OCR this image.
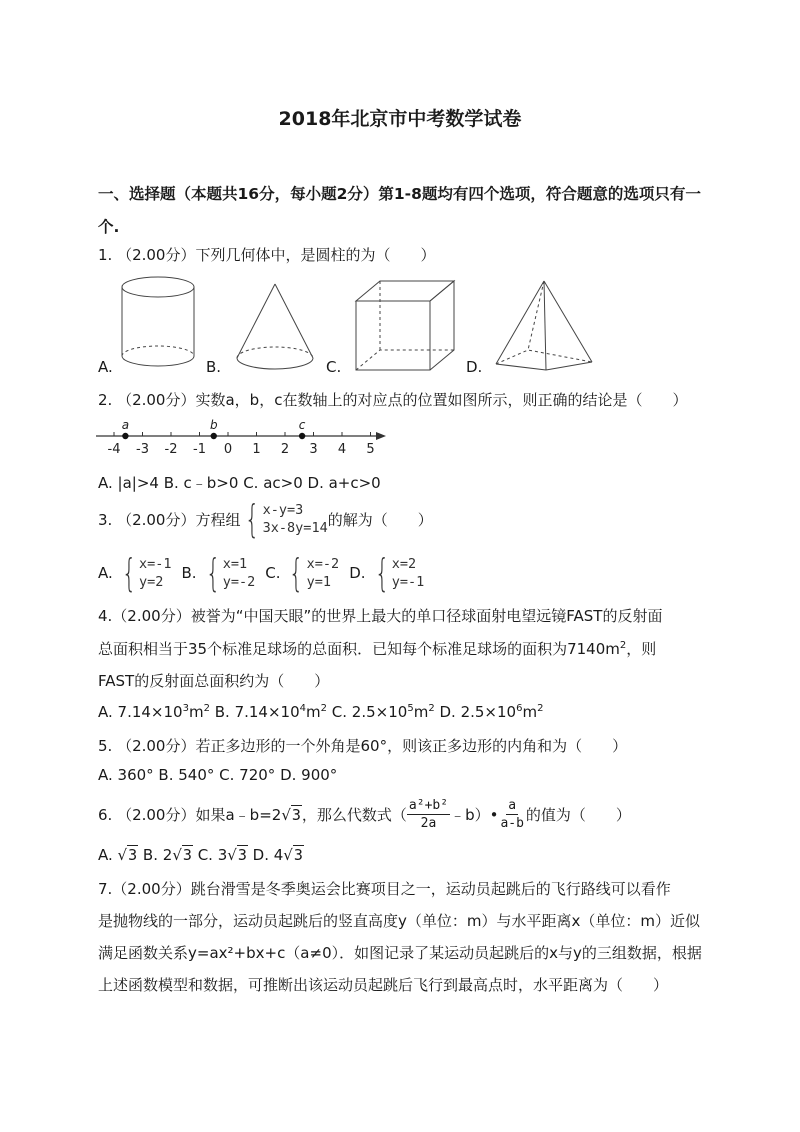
2018年北京市中考数学试卷
一、选择题（本题共16分，每小题2分）第1-8题均有四个选项，符合题意的选项只有一
个.
1. （2.00分）下列几何体中，是圆柱的为（　　）
A.	B.	C.	D.
2. （2.00分）实数a，b，c在数轴上的对应点的位置如图所示，则正确的结论是（　　）
-4 -3 -2 -1 0 1 2 3 4 5
a	b	c
A. |a|>4 B. c﹣b>0 C. ac>0 D. a+c>0
3. （2.00分）方程组 { x-y=3
3x-8y=14 的解为（　　）
A. { x=-1
y=2	B. { x=1
y=-2 C. { x=-2
y=1	D. { x=2
y=-1
4.（2.00分）被誉为“中国天眼”的世界上最大的单口径球面射电望远镜FAST的反射面
总面积相当于35个标准足球场的总面积．已知每个标准足球场的面积为$7140m^2$，则
FAST的反射面总面积约为（　　）
A. $7.14\times 10^3m^2$ B. $7.14\times 10^4m^2$ C. $2.5\times 10^5m^2$ D. $2.5\times 10^6m^2$
5. （2.00分）若正多边形的一个外角是60°，则该正多边形的内角和为（　　）
A. 360° B. 540° C. 720° D. 900°
6. （2.00分）如果a﹣b=2 √3 ，那么代数式（ $\frac{\text{a²+b²}}{2a}$ ﹣b）• $\frac{a}{a-b}$ 的值为（　　）
A. √3 B. 2√3 C. 3√3 D. 4√3
7.（2.00分）跳台滑雪是冬季奥运会比赛项目之一，运动员起跳后的飞行路线可以看作
是抛物线的一部分，运动员起跳后的竖直高度y（单位：m）与水平距离x（单位：m）近似
满足函数关系y=ax²+bx+c（a≠0）．如图记录了某运动员起跳后的x与y的三组数据，根据
上述函数模型和数据，可推断出该运动员起跳后飞行到最高点时，水平距离为（　　）
